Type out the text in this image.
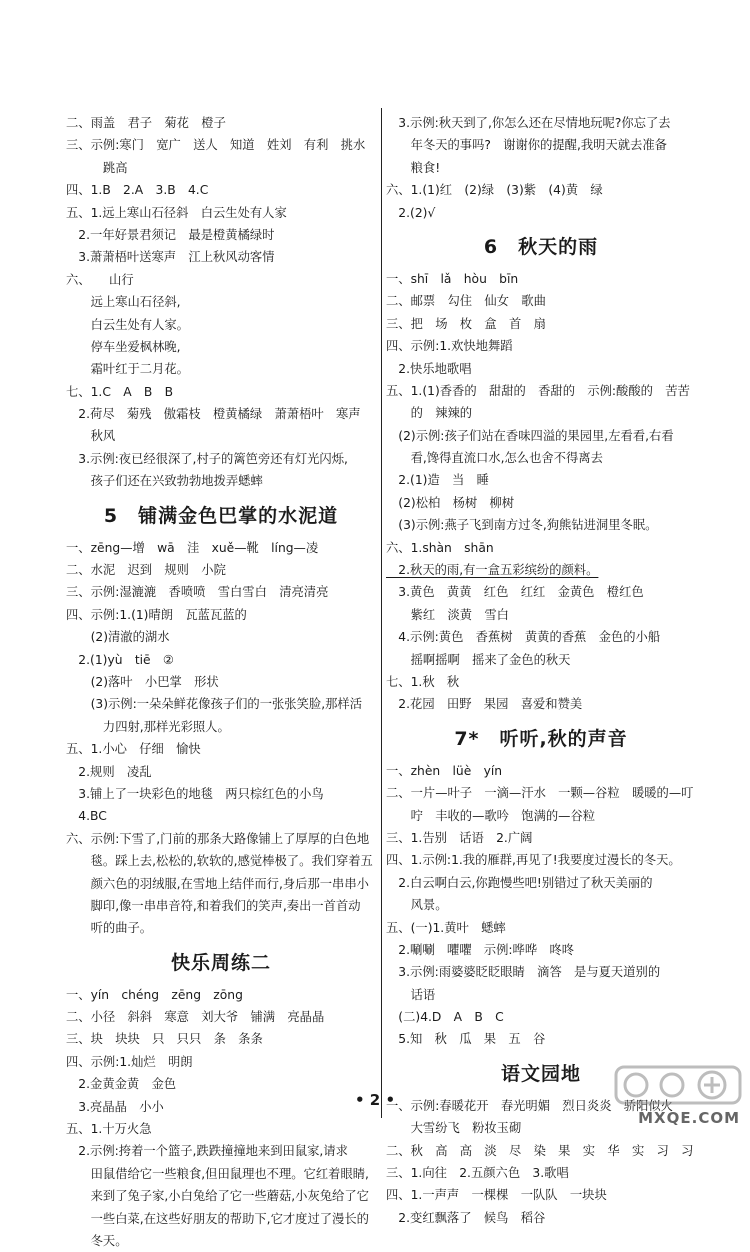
二、雨盖　君子　菊花　橙子
三、示例:寒门　宽广　送人　知道　姓刘　有利　挑水
　　　跳高
四、1.B　2.A　3.B　4.C
五、1.远上寒山石径斜　白云生处有人家
　2.一年好景君须记　最是橙黄橘绿时
　3.萧萧梧叶送寒声　江上秋风动客情
六、　　山行
　　远上寒山石径斜,
　　白云生处有人家。
　　停车坐爱枫林晚,
　　霜叶红于二月花。
七、1.C　A　B　B
　2.荷尽　菊残　傲霜枝　橙黄橘绿　萧萧梧叶　寒声
　　秋风
　3.示例:夜已经很深了,村子的篱笆旁还有灯光闪烁,
　　孩子们还在兴致勃勃地拨弄蟋蟀
5　铺满金色巴掌的水泥道
一、zēng—增　wā　洼　xuě—靴　líng—凌
二、水泥　迟到　规则　小院
三、示例:湿漉漉　香喷喷　雪白雪白　清亮清亮
四、示例:1.(1)晴朗　瓦蓝瓦蓝的
　　(2)清澈的湖水
　2.(1)yù　tiē　②
　　(2)落叶　小巴掌　形状
　　(3)示例:一朵朵鲜花像孩子们的一张张笑脸,那样活
　　　力四射,那样光彩照人。
五、1.小心　仔细　愉快
　2.规则　凌乱
　3.铺上了一块彩色的地毯　两只棕红色的小鸟
　4.BC
六、示例:下雪了,门前的那条大路像铺上了厚厚的白色地
　　毯。踩上去,松松的,软软的,感觉棒极了。我们穿着五
　　颜六色的羽绒服,在雪地上结伴而行,身后那一串串小
　　脚印,像一串串音符,和着我们的笑声,奏出一首首动
　　听的曲子。
快乐周练二
一、yín　chéng　zēng　zōng
二、小径　斜斜　寒意　刘大爷　铺满　亮晶晶
三、块　块块　只　只只　条　条条
四、示例:1.灿烂　明朗
　2.金黄金黄　金色
　3.亮晶晶　小小
五、1.十万火急
　2.示例:挎着一个篮子,跌跌撞撞地来到田鼠家,请求
　　田鼠借给它一些粮食,但田鼠理也不理。它红着眼睛,
　　来到了兔子家,小白兔给了它一些蘑菇,小灰兔给了它
　　一些白菜,在这些好朋友的帮助下,它才度过了漫长的
　　冬天。
　3.示例:秋天到了,你怎么还在尽情地玩呢?你忘了去
　　年冬天的事吗?　谢谢你的提醒,我明天就去准备
　　粮食!
六、1.(1)红　(2)绿　(3)紫　(4)黄　绿
　2.(2)√
6　秋天的雨
一、shī　lǎ　hòu　bīn
二、邮票　勾住　仙女　歌曲
三、把　场　枚　盒　首　扇
四、示例:1.欢快地舞蹈
　2.快乐地歌唱
五、1.(1)香香的　甜甜的　香甜的　示例:酸酸的　苦苦
　　的　辣辣的
　(2)示例:孩子们站在香味四溢的果园里,左看看,右看
　　看,馋得直流口水,怎么也舍不得离去
　2.(1)造　当　睡
　(2)松柏　杨树　柳树
　(3)示例:燕子飞到南方过冬,狗熊钻进洞里冬眠。
六、1.shàn　shān
　2.秋天的雨,有一盒五彩缤纷的颜料。
　3.黄色　黄黄　红色　红红　金黄色　橙红色
　　紫红　淡黄　雪白
　4.示例:黄色　香蕉树　黄黄的香蕉　金色的小船
　　摇啊摇啊　摇来了金色的秋天
七、1.秋　秋
　2.花园　田野　果园　喜爱和赞美
7*　听听,秋的声音
一、zhèn　lüè　yín
二、一片—叶子　一滴—汗水　一颗—谷粒　暖暖的—叮
　　咛　丰收的—歌吟　饱满的—谷粒
三、1.告别　话语　2.广阔
四、1.示例:1.我的雁群,再见了!我要度过漫长的冬天。
　2.白云啊白云,你跑慢些吧!别错过了秋天美丽的
　　风景。
五、(一)1.黄叶　蟋蟀
　2.唰唰　㘗㘗　示例:哗哗　咚咚
　3.示例:雨婆婆眨眨眼睛　滴答　是与夏天道别的
　　话语
　(二)4.D　A　B　C
　5.知　秋　瓜　果　五　谷
语文园地
一、示例:春暖花开　春光明媚　烈日炎炎　骄阳似火
　　大雪纷飞　粉妆玉砌
二、秋　高　高　淡　尽　染　果　实　华　实　习　习
三、1.向往　2.五颜六色　3.歌唱
四、1.一声声　一棵棵　一队队　一块块
　2.变红飘落了　候鸟　稻谷
• 2 •
MXQE.COM
